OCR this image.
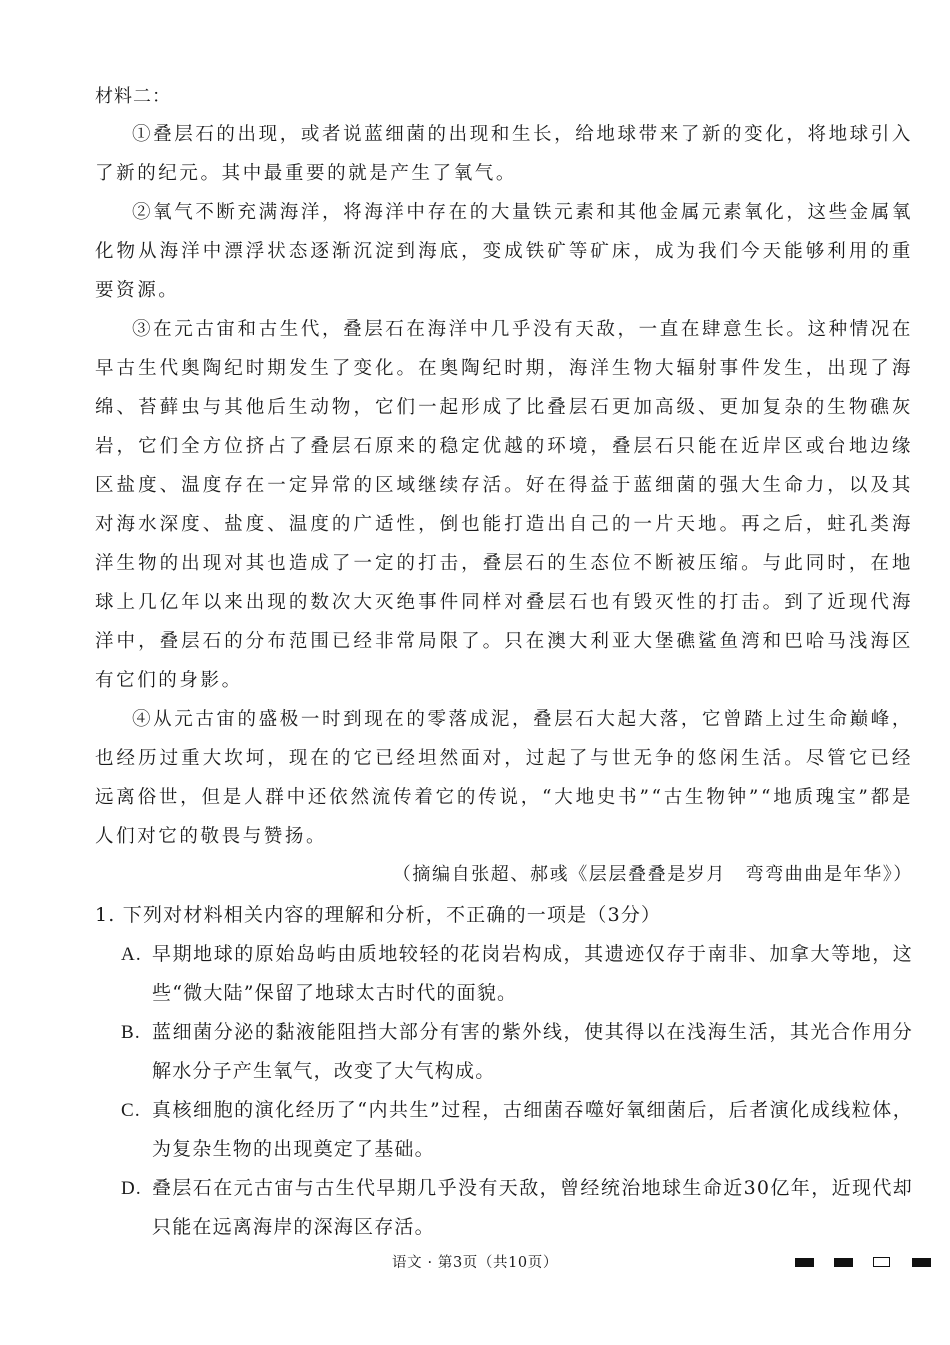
材料二：

①叠层石的出现，或者说蓝细菌的出现和生长，给地球带来了新的变化，将地球引入了新的纪元。其中最重要的就是产生了氧气。

②氧气不断充满海洋，将海洋中存在的大量铁元素和其他金属元素氧化，这些金属氧化物从海洋中漂浮状态逐渐沉淀到海底，变成铁矿等矿床，成为我们今天能够利用的重要资源。

③在元古宙和古生代，叠层石在海洋中几乎没有天敌，一直在肆意生长。这种情况在早古生代奥陶纪时期发生了变化。在奥陶纪时期，海洋生物大辐射事件发生，出现了海绵、苔藓虫与其他后生动物，它们一起形成了比叠层石更加高级、更加复杂的生物礁灰岩，它们全方位挤占了叠层石原来的稳定优越的环境，叠层石只能在近岸区或台地边缘区盐度、温度存在一定异常的区域继续存活。好在得益于蓝细菌的强大生命力，以及其对海水深度、盐度、温度的广适性，倒也能打造出自己的一片天地。再之后，蛀孔类海洋生物的出现对其也造成了一定的打击，叠层石的生态位不断被压缩。与此同时，在地球上几亿年以来出现的数次大灭绝事件同样对叠层石也有毁灭性的打击。到了近现代海洋中，叠层石的分布范围已经非常局限了。只在澳大利亚大堡礁鲨鱼湾和巴哈马浅海区有它们的身影。

④从元古宙的盛极一时到现在的零落成泥，叠层石大起大落，它曾踏上过生命巅峰，也经历过重大坎坷，现在的它已经坦然面对，过起了与世无争的悠闲生活。尽管它已经远离俗世，但是人群中还依然流传着它的传说，“大地史书”“古生物钟”“地质瑰宝”都是人们对它的敬畏与赞扬。

（摘编自张超、郝彧《层层叠叠是岁月　弯弯曲曲是年华》）

1. 下列对材料相关内容的理解和分析，不正确的一项是（3分）

A. 早期地球的原始岛屿由质地较轻的花岗岩构成，其遗迹仅存于南非、加拿大等地，这些“微大陆”保留了地球太古时代的面貌。
B. 蓝细菌分泌的黏液能阻挡大部分有害的紫外线，使其得以在浅海生活，其光合作用分解水分子产生氧气，改变了大气构成。
C. 真核细胞的演化经历了“内共生”过程，古细菌吞噬好氧细菌后，后者演化成线粒体，为复杂生物的出现奠定了基础。
D. 叠层石在元古宙与古生代早期几乎没有天敌，曾经统治地球生命近30亿年，近现代却只能在远离海岸的深海区存活。
语文 · 第3页（共10页）
